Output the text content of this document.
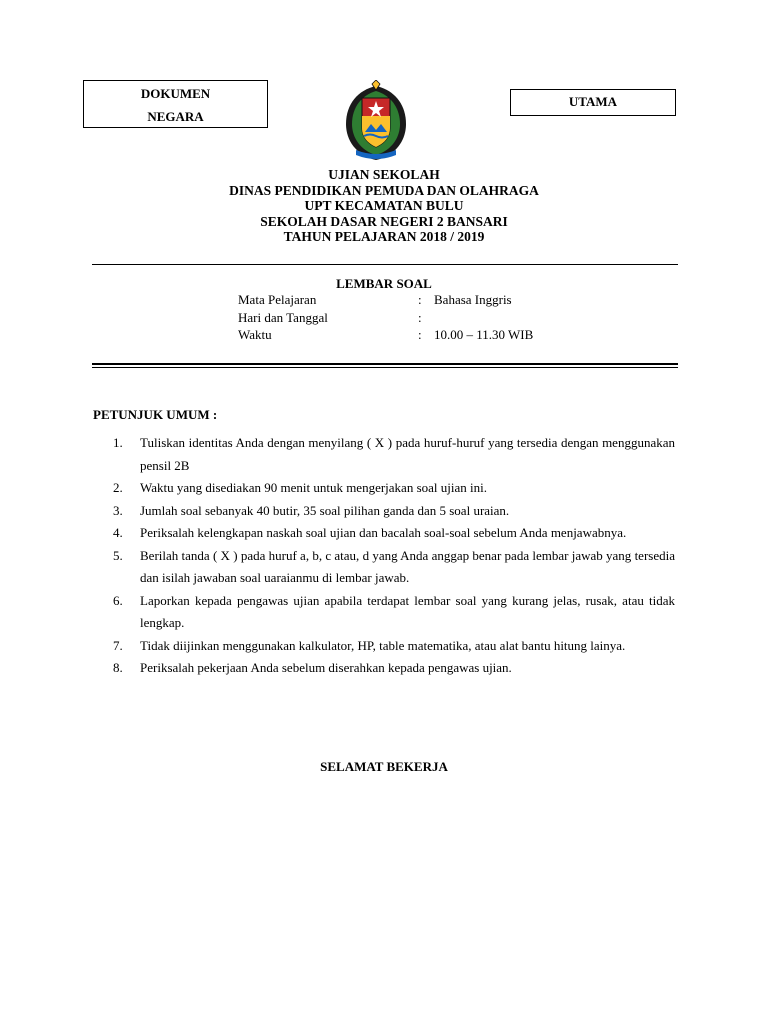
DOKUMEN
NEGARA
UTAMA
UJIAN SEKOLAH
DINAS PENDIDIKAN PEMUDA DAN OLAHRAGA
UPT KECAMATAN BULU
SEKOLAH DASAR NEGERI 2 BANSARI
TAHUN PELAJARAN 2018 / 2019
LEMBAR SOAL
Mata Pelajaran	: Bahasa Inggris
Hari dan Tanggal	:
Waktu	: 10.00 – 11.30 WIB
PETUNJUK UMUM :
1. Tuliskan identitas Anda dengan menyilang ( X ) pada huruf-huruf yang tersedia dengan menggunakan pensil 2B
2. Waktu yang disediakan 90 menit untuk mengerjakan soal ujian ini.
3. Jumlah soal sebanyak 40 butir, 35 soal pilihan ganda dan 5 soal uraian.
4. Periksalah kelengkapan naskah soal ujian dan bacalah soal-soal sebelum Anda menjawabnya.
5. Berilah tanda ( X ) pada huruf a, b, c atau, d yang Anda anggap benar pada lembar jawab yang tersedia dan isilah jawaban soal uaraianmu di lembar jawab.
6. Laporkan kepada pengawas ujian apabila terdapat lembar soal yang kurang jelas, rusak, atau tidak lengkap.
7. Tidak diijinkan menggunakan kalkulator, HP, table matematika, atau alat bantu hitung lainya.
8. Periksalah pekerjaan Anda sebelum diserahkan kepada pengawas ujian.
SELAMAT BEKERJA
